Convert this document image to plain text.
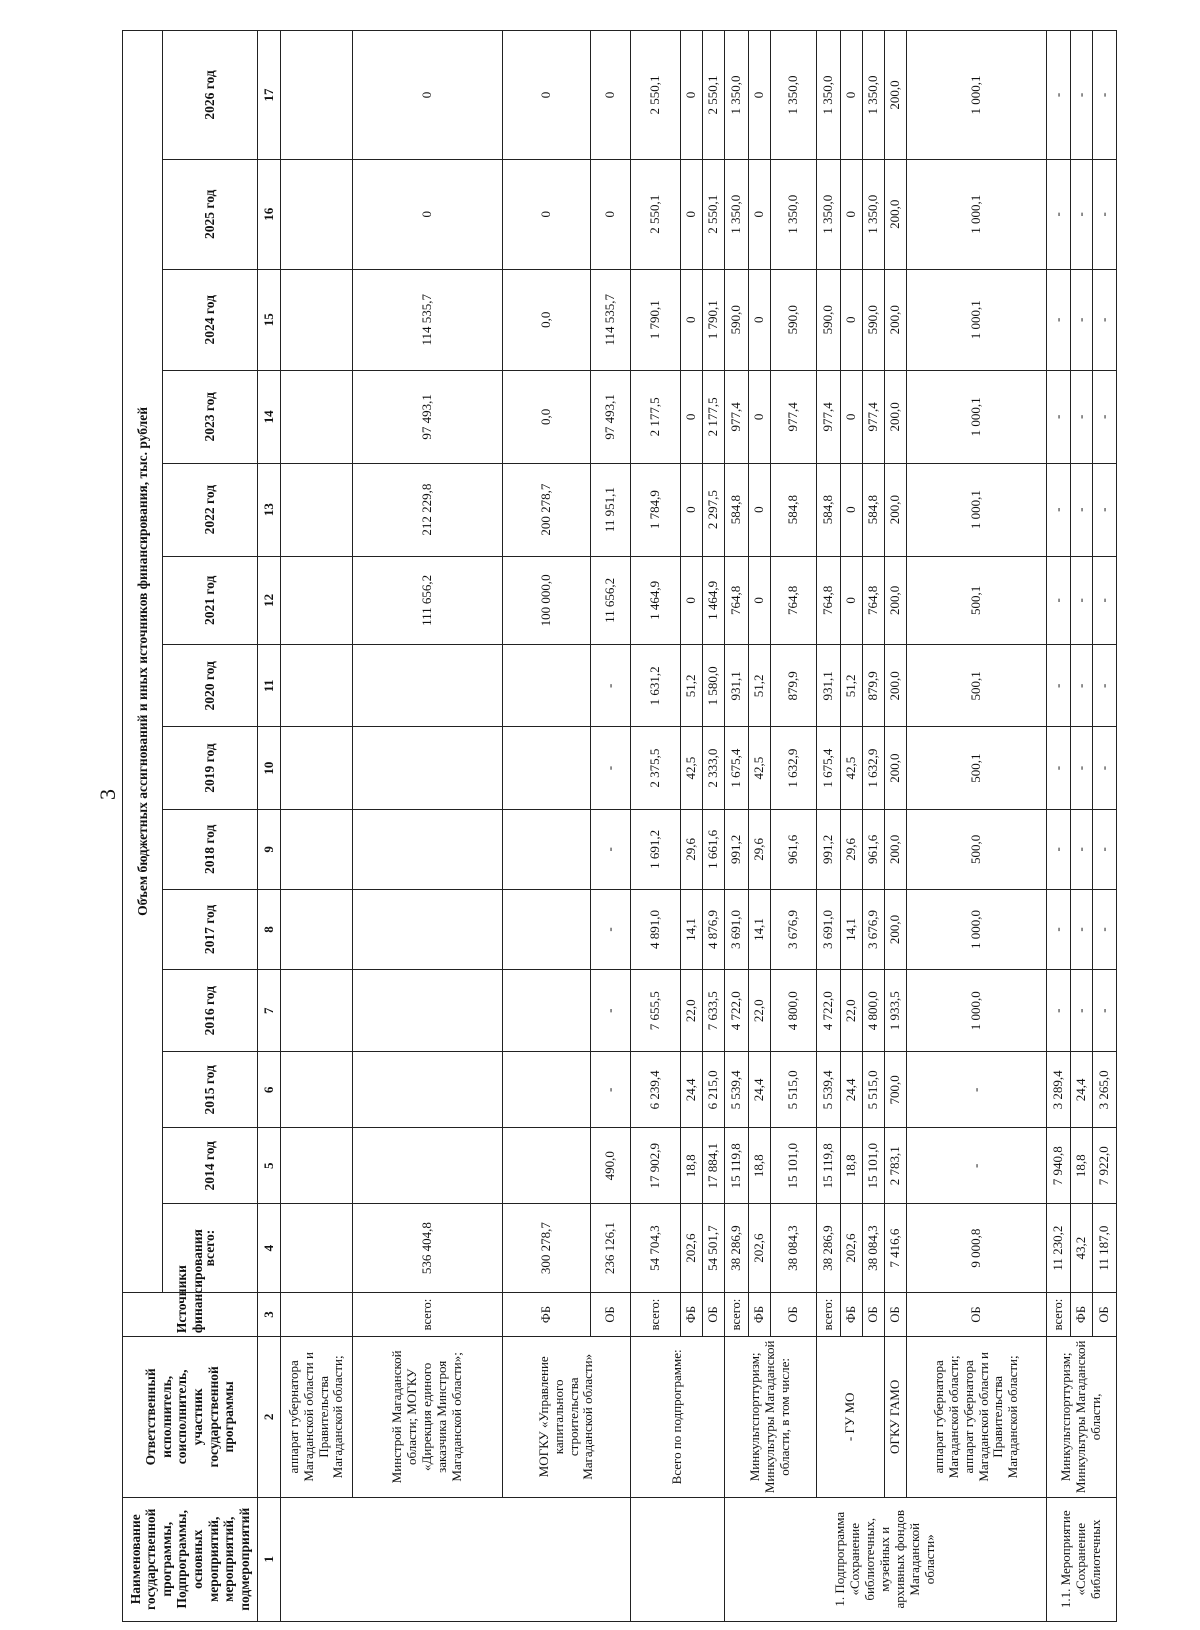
3
Наименование государственной программы, Подпрограммы, основных мероприятий, мероприятий, подмероприятий	Ответственный исполнитель, соисполнитель, участник государственной программы	Источники финансирования	Объем бюджетных ассигнований и иных источников финансирования, тыс. рублей													
			всего:	2014 год	2015 год	2016 год	2017 год	2018 год	2019 год	2020 год	2021 год	2022 год	2023 год	2024 год	2025 год	2026 год
1	2	3	4	5	6	7	8	9	10	11	12	13	14	15	16	17
	аппарат губернатора Магаданской области и Правительства Магаданской области;															
	Минстрой Магаданской области; МОГКУ «Дирекция единого заказчика Минстроя Магаданской области»;	всего:	536 404,8								111 656,2	212 229,8	97 493,1	114 535,7	0	0
	МОГКУ «Управление капитального строительства Магаданской области»	ФБ	300 278,7								100 000,0	200 278,7	0,0	0,0	0	0
		ОБ	236 126,1	490,0	-	-	-	-	-	-	11 656,2	11 951,1	97 493,1	114 535,7	0	0
	Всего по подпрограмме:	всего:	54 704,3	17 902,9	6 239,4	7 655,5	4 891,0	1 691,2	2 375,5	1 631,2	1 464,9	1 784,9	2 177,5	1 790,1	2 550,1	2 550,1
		ФБ	202,6	18,8	24,4	22,0	14,1	29,6	42,5	51,2	0	0	0	0	0	0
		ОБ	54 501,7	17 884,1	6 215,0	7 633,5	4 876,9	1 661,6	2 333,0	1 580,0	1 464,9	2 297,5	2 177,5	1 790,1	2 550,1	2 550,1
1. Подпрограмма «Сохранение библиотечных, музейных и архивных фондов Магаданской области»	Минкультспорттуризм; Минкультуры Магаданской области, в том числе:	всего:	38 286,9	15 119,8	5 539,4	4 722,0	3 691,0	991,2	1 675,4	931,1	764,8	584,8	977,4	590,0	1 350,0	1 350,0
		ФБ	202,6	18,8	24,4	22,0	14,1	29,6	42,5	51,2	0	0	0	0	0	0
		ОБ	38 084,3	15 101,0	5 515,0	4 800,0	3 676,9	961,6	1 632,9	879,9	764,8	584,8	977,4	590,0	1 350,0	1 350,0
	- ГУ МО	всего:	38 286,9	15 119,8	5 539,4	4 722,0	3 691,0	991,2	1 675,4	931,1	764,8	584,8	977,4	590,0	1 350,0	1 350,0
		ФБ	202,6	18,8	24,4	22,0	14,1	29,6	42,5	51,2	0	0	0	0	0	0
		ОБ	38 084,3	15 101,0	5 515,0	4 800,0	3 676,9	961,6	1 632,9	879,9	764,8	584,8	977,4	590,0	1 350,0	1 350,0
	ОГКУ ГАМО	ОБ	7 416,6	2 783,1	700,0	1 933,5	200,0	200,0	200,0	200,0	200,0	200,0	200,0	200,0	200,0	200,0
	аппарат губернатора Магаданской области; аппарат губернатора Магаданской области и Правительства Магаданской области;	ОБ	9 000,8	-	-	1 000,0	1 000,0	500,0	500,1	500,1	500,1	1 000,1	1 000,1	1 000,1	1 000,1	1 000,1
1.1. Мероприятие «Сохранение библиотечных	Минкультспорттуризм; Минкультуры Магаданской области,	всего:	11 230,2	7 940,8	3 289,4	-	-	-	-	-	-	-	-	-	-	-
		ФБ	43,2	18,8	24,4	-	-	-	-	-	-	-	-	-	-	-
		ОБ	11 187,0	7 922,0	3 265,0	-	-	-	-	-	-	-	-	-	-	-
